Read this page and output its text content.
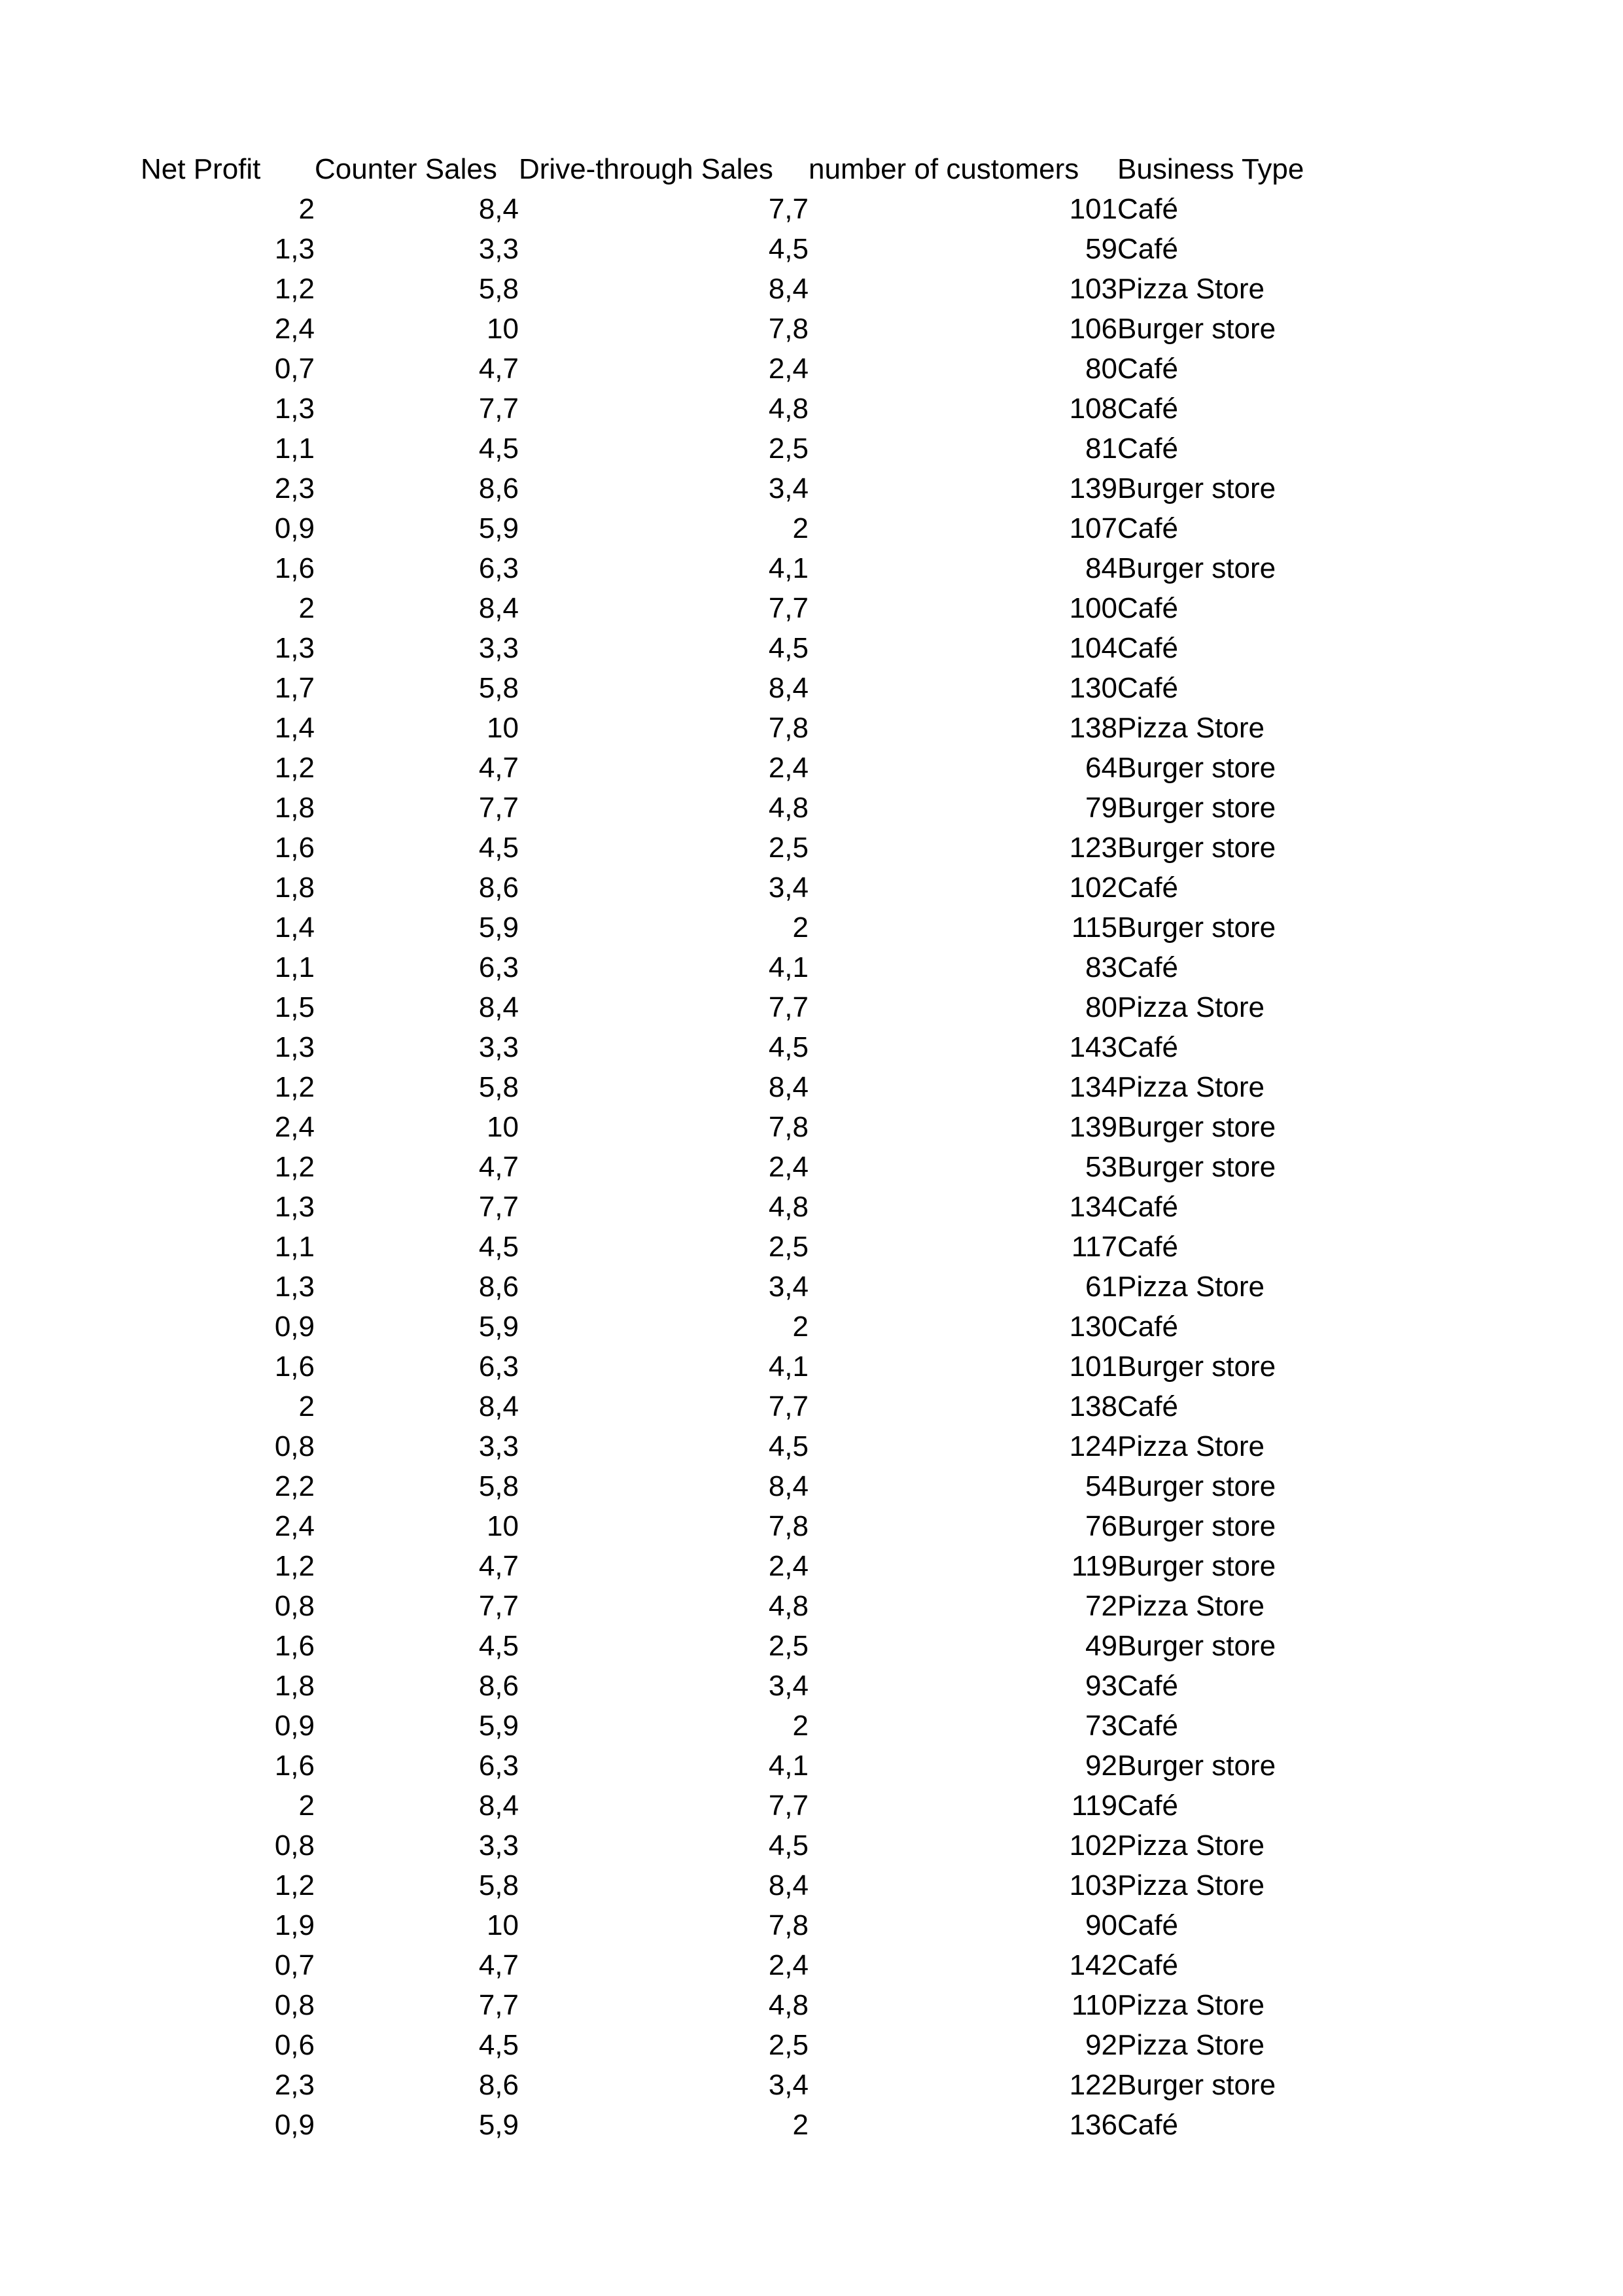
Net Profit	Counter Sales	Drive-through Sales	number of customers	Business Type
2	8,4	7,7	101	Café
1,3	3,3	4,5	59	Café
1,2	5,8	8,4	103	Pizza Store
2,4	10	7,8	106	Burger store
0,7	4,7	2,4	80	Café
1,3	7,7	4,8	108	Café
1,1	4,5	2,5	81	Café
2,3	8,6	3,4	139	Burger store
0,9	5,9	2	107	Café
1,6	6,3	4,1	84	Burger store
2	8,4	7,7	100	Café
1,3	3,3	4,5	104	Café
1,7	5,8	8,4	130	Café
1,4	10	7,8	138	Pizza Store
1,2	4,7	2,4	64	Burger store
1,8	7,7	4,8	79	Burger store
1,6	4,5	2,5	123	Burger store
1,8	8,6	3,4	102	Café
1,4	5,9	2	115	Burger store
1,1	6,3	4,1	83	Café
1,5	8,4	7,7	80	Pizza Store
1,3	3,3	4,5	143	Café
1,2	5,8	8,4	134	Pizza Store
2,4	10	7,8	139	Burger store
1,2	4,7	2,4	53	Burger store
1,3	7,7	4,8	134	Café
1,1	4,5	2,5	117	Café
1,3	8,6	3,4	61	Pizza Store
0,9	5,9	2	130	Café
1,6	6,3	4,1	101	Burger store
2	8,4	7,7	138	Café
0,8	3,3	4,5	124	Pizza Store
2,2	5,8	8,4	54	Burger store
2,4	10	7,8	76	Burger store
1,2	4,7	2,4	119	Burger store
0,8	7,7	4,8	72	Pizza Store
1,6	4,5	2,5	49	Burger store
1,8	8,6	3,4	93	Café
0,9	5,9	2	73	Café
1,6	6,3	4,1	92	Burger store
2	8,4	7,7	119	Café
0,8	3,3	4,5	102	Pizza Store
1,2	5,8	8,4	103	Pizza Store
1,9	10	7,8	90	Café
0,7	4,7	2,4	142	Café
0,8	7,7	4,8	110	Pizza Store
0,6	4,5	2,5	92	Pizza Store
2,3	8,6	3,4	122	Burger store
0,9	5,9	2	136	Café
